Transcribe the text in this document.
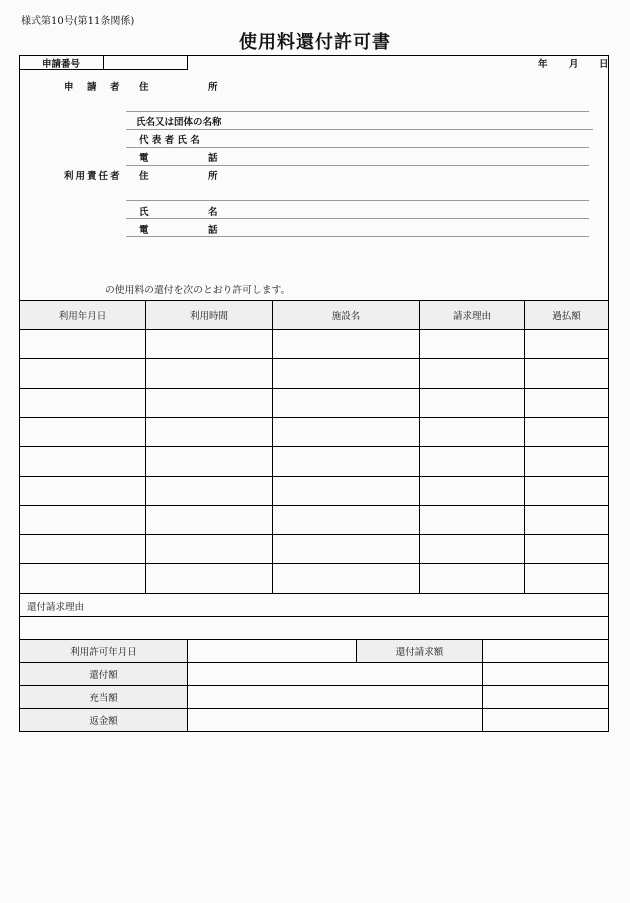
様式第10号(第11条関係)
使用料還付許可書
申請番号	年 月 日
申　請　者 住	所
氏名又は団体の名称
代 表 者 氏 名
電	話
利用責任者 住	所
氏	名
電	話
の使用料の還付を次のとおり許可します。
利用年月日	利用時間	施設名	請求理由	過払額
還付請求理由
利用許可年月日	還付請求額
還付額
充当額
返金額
